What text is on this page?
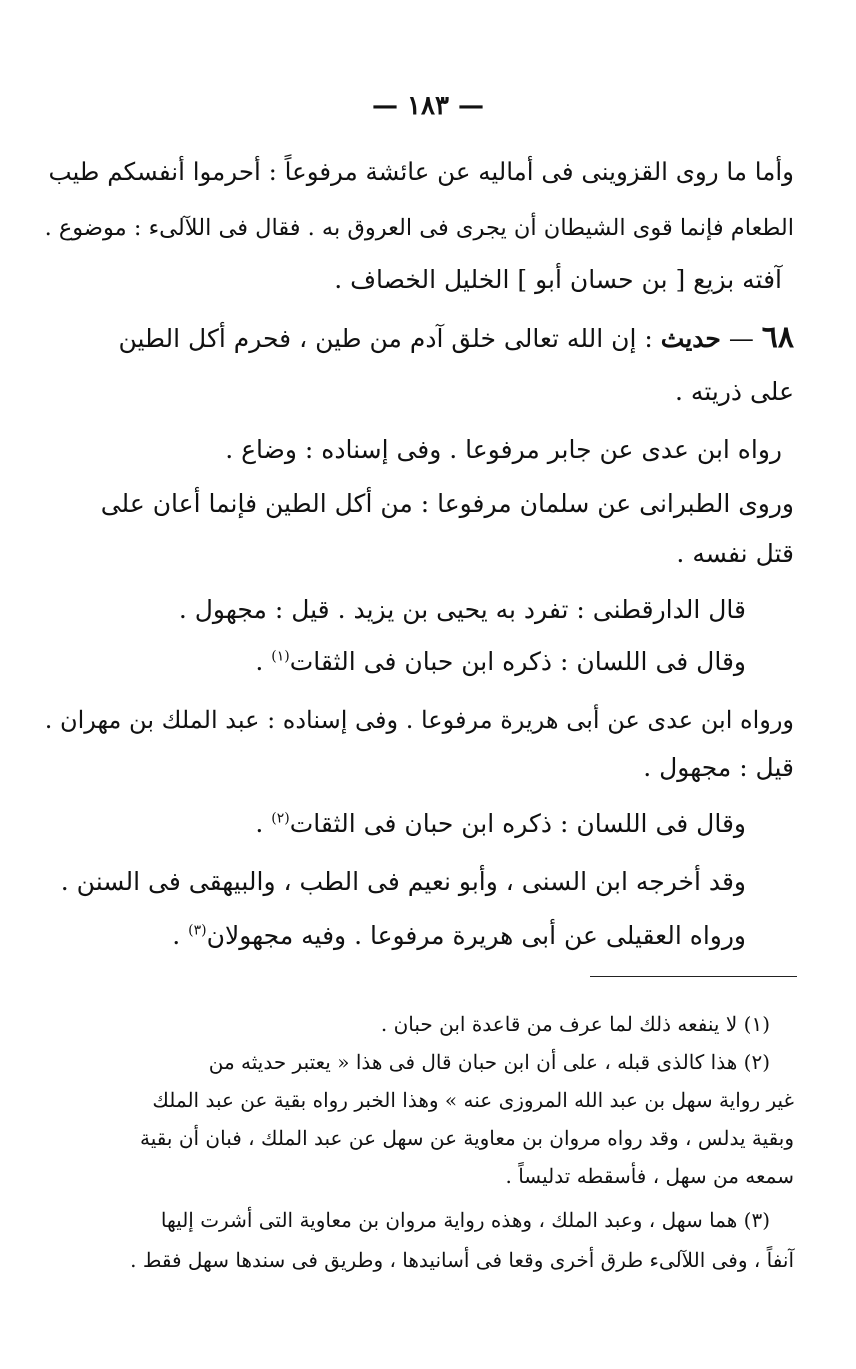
— ١٨٣ —
وأما ما روى القزوينى فى أماليه عن عائشة مرفوعاً : أحرموا أنفسكم طيب
الطعام فإنما قوى الشيطان أن يجرى فى العروق به . فقال فى اللآلىء : موضوع .
آفته بزيع [ بن حسان أبو ] الخليل الخصاف .
٦٨ — حديث : إن الله تعالى خلق آدم من طين ، فحرم أكل الطين
على ذريته .
رواه ابن عدى عن جابر مرفوعا . وفى إسناده : وضاع .
وروى الطبرانى عن سلمان مرفوعا : من أكل الطين فإنما أعان على
قتل نفسه .
قال الدارقطنى : تفرد به يحيى بن يزيد . قيل : مجهول .
وقال فى اللسان : ذكره ابن حبان فى الثقات$^{(١)}$ .
ورواه ابن عدى عن أبى هريرة مرفوعا . وفى إسناده : عبد الملك بن مهران .
قيل : مجهول .
وقال فى اللسان : ذكره ابن حبان فى الثقات$^{(٢)}$ .
وقد أخرجه ابن السنى ، وأبو نعيم فى الطب ، والبيهقى فى السنن .
ورواه العقيلى عن أبى هريرة مرفوعا . وفيه مجهولان$^{(٣)}$ .
(١) لا ينفعه ذلك لما عرف من قاعدة ابن حبان .
(٢) هذا كالذى قبله ، على أن ابن حبان قال فى هذا « يعتبر حديثه من
غير رواية سهل بن عبد الله المروزى عنه » وهذا الخبر رواه بقية عن عبد الملك
وبقية يدلس ، وقد رواه مروان بن معاوية عن سهل عن عبد الملك ، فبان أن بقية
سمعه من سهل ، فأسقطه تدليساً .
(٣) هما سهل ، وعبد الملك ، وهذه رواية مروان بن معاوية التى أشرت إليها
آنفاً ، وفى اللآلىء طرق أخرى وقعا فى أسانيدها ، وطريق فى سندها سهل فقط .
